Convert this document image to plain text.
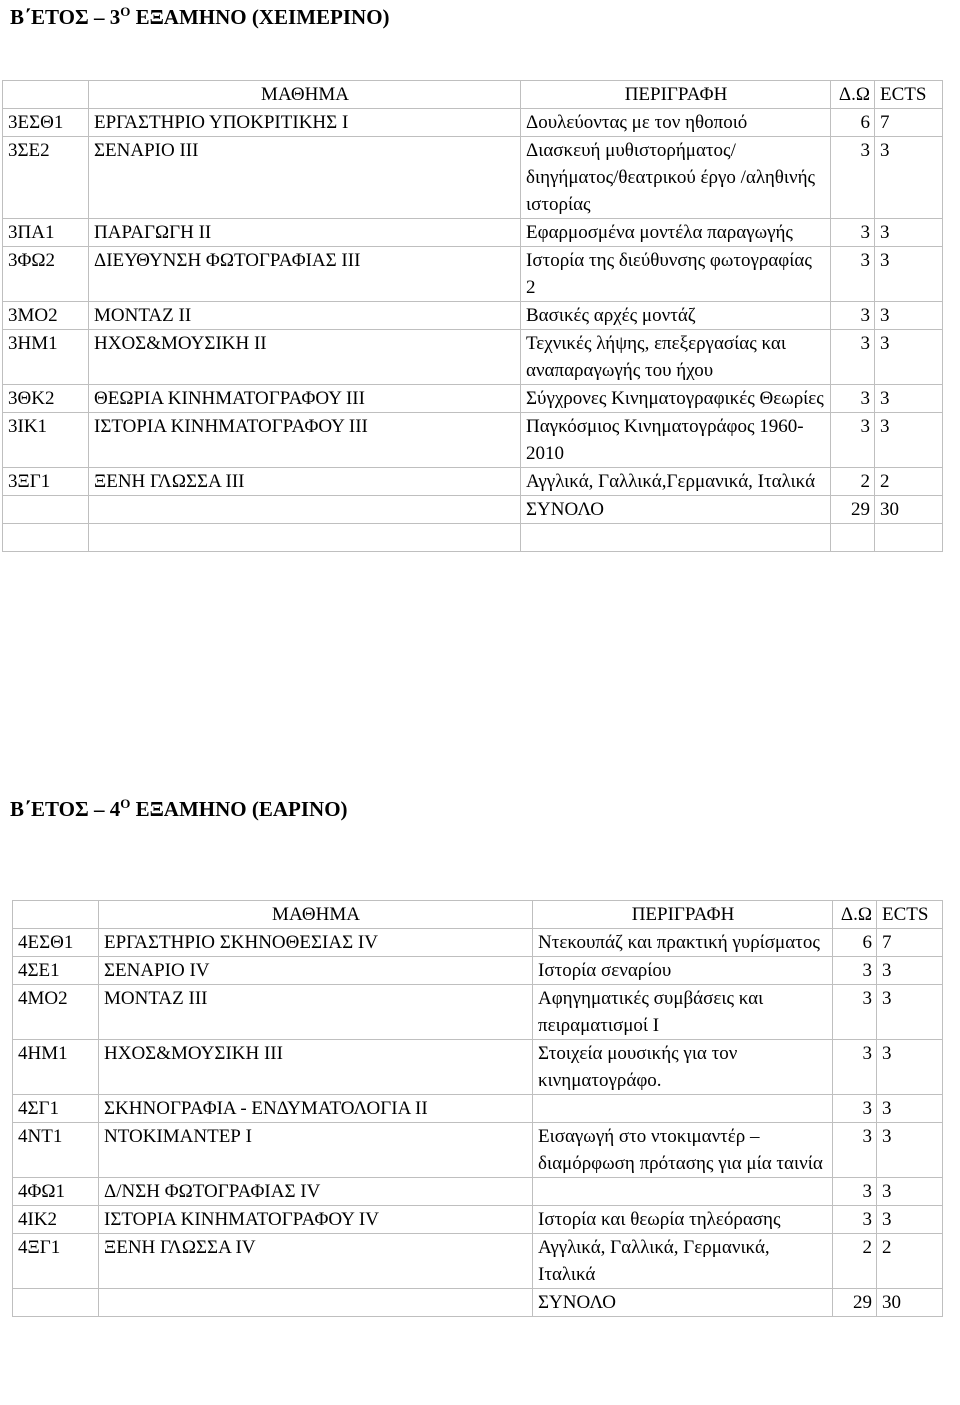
$B΄ETO\Sigma - 3^O$ ΕΞΑΜΗΝΟ (ΧΕΙΜΕΡΙΝΟ)
	ΜΑΘΗΜΑ	ΠΕΡΙΓΡΑΦΗ	Δ.Ω	ECTS
3ΕΣΘ1	ΕΡΓΑΣΤΗΡΙΟ ΥΠΟΚΡΙΤΙΚΗΣ Ι	Δουλεύοντας με τον ηθοποιό	6	7
3ΣΕ2	ΣΕΝΑΡΙΟ ΙΙΙ	Διασκευή μυθιστορήματος/διηγήματος/θεατρικού έργο /αληθινής ιστορίας	3	3
3ΠΑ1	ΠΑΡΑΓΩΓΗ ΙΙ	Εφαρμοσμένα μοντέλα παραγωγής	3	3
3ΦΩ2	ΔΙΕΥΘΥΝΣΗ ΦΩΤΟΓΡΑΦΙΑΣ ΙΙΙ	Ιστορία της διεύθυνσης φωτογραφίας 2	3	3
3ΜΟ2	ΜΟΝΤΑΖ ΙΙ	Βασικές αρχές μοντάζ	3	3
3ΗΜ1	ΗΧΟΣ&ΜΟΥΣΙΚΗ ΙΙ	Τεχνικές λήψης, επεξεργασίας και αναπαραγωγής του ήχου	3	3
3ΘΚ2	ΘΕΩΡΙΑ ΚΙΝΗΜΑΤΟΓΡΑΦΟΥ ΙΙΙ	Σύγχρονες Κινηματογραφικές Θεωρίες	3	3
3ΙΚ1	ΙΣΤΟΡΙΑ ΚΙΝΗΜΑΤΟΓΡΑΦΟΥ ΙΙΙ	Παγκόσμιος Κινηματογράφος 1960-2010	3	3
3ΞΓ1	ΞΕΝΗ ΓΛΩΣΣΑ ΙΙΙ	Αγγλικά, Γαλλικά,Γερμανικά, Ιταλικά	2	2
		ΣΥΝΟΛΟ	29	30

$B΄ETO\Sigma - 4^O$ ΕΞΑΜΗΝΟ (ΕΑΡΙΝΟ)
	ΜΑΘΗΜΑ	ΠΕΡΙΓΡΑΦΗ	Δ.Ω	ECTS
4ΕΣΘ1	ΕΡΓΑΣΤΗΡΙΟ ΣΚΗΝΟΘΕΣΙΑΣ ΙV	Ντεκουπάζ και πρακτική γυρίσματος	6	7
4ΣΕ1	ΣΕΝΑΡΙΟ ΙV	Ιστορία σεναρίου	3	3
4ΜΟ2	ΜΟΝΤΑΖ ΙΙΙ	Αφηγηματικές συμβάσεις και πειραματισμοί Ι	3	3
4ΗΜ1	ΗΧΟΣ&ΜΟΥΣΙΚΗ ΙΙΙ	Στοιχεία μουσικής για τον κινηματογράφο.	3	3
4ΣΓ1	ΣΚΗΝΟΓΡΑΦΙΑ - ΕΝΔΥΜΑΤΟΛΟΓΙΑ ΙΙ		3	3
4ΝΤ1	ΝΤΟΚΙΜΑΝΤΕΡ Ι	Εισαγωγή στο ντοκιμαντέρ – διαμόρφωση πρότασης για μία ταινία	3	3
4ΦΩ1	Δ/ΝΣΗ ΦΩΤΟΓΡΑΦΙΑΣ ΙV		3	3
4ΙΚ2	ΙΣΤΟΡΙΑ ΚΙΝΗΜΑΤΟΓΡΑΦΟΥ ΙV	Ιστορία και θεωρία τηλεόρασης	3	3
4ΞΓ1	ΞΕΝΗ ΓΛΩΣΣΑ ΙV	Αγγλικά, Γαλλικά, Γερμανικά, Ιταλικά	2	2
		ΣΥΝΟΛΟ	29	30
